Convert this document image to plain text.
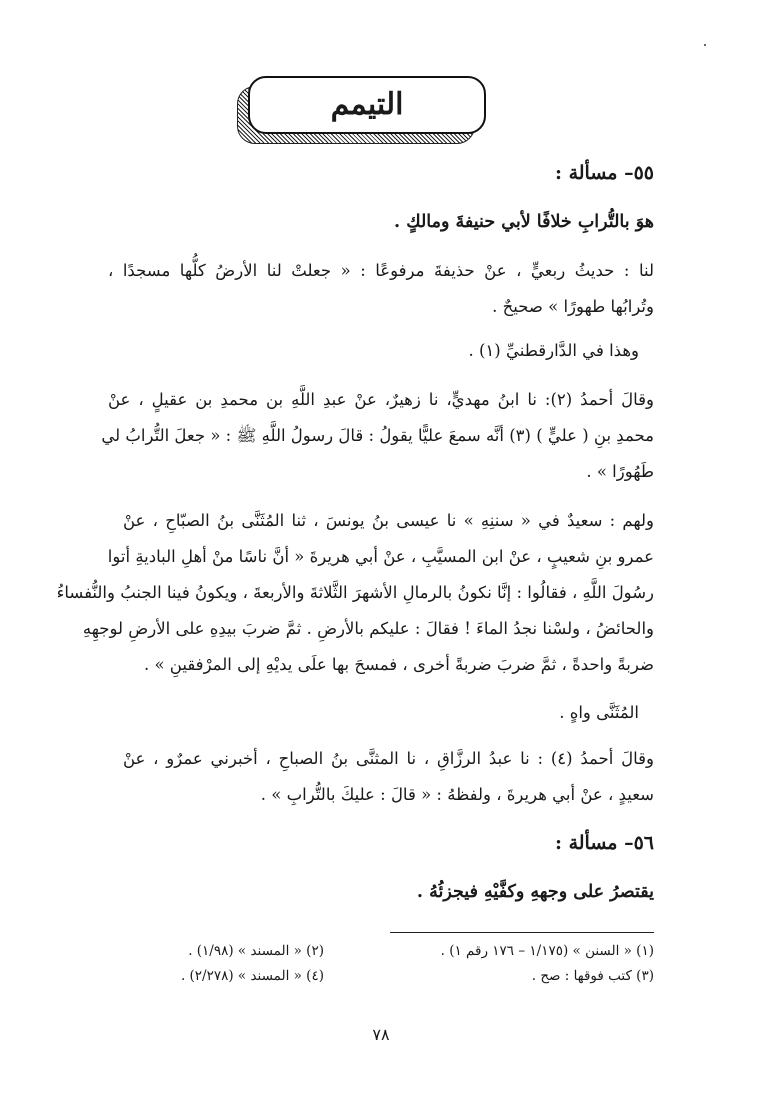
التيمم
٥٥– مسألة :
هوَ بالتُّرابِ خلافًا لأبي حنيفةَ ومالكٍ .
لنا : حديثُ ربعيٍّ ، عنْ حذيفةَ مرفوعًا : « جعلتْ لنا الأرضُ كلُّها مسجدًا ،
وتُرابُها طهورًا » صحيحٌ .
وهذا في الدَّارقطنيِّ (١) .
وقالَ أحمدُ (٢): نا ابنُ مهديٍّ، نا زهيرٌ، عنْ عبدِ اللَّهِ بن محمدِ بن عقيلٍ ، عنْ
محمدِ بنِ ( عليٍّ ) (٣) أنَّه سمعَ عليًّا يقولُ : قالَ رسولُ اللَّهِ ﷺ : « جعلَ التُّرابُ لي
طَهُورًا » .
ولهم : سعيدٌ في « سننِهِ » نا عيسى بنُ يونسَ ، ثنا المُثَنَّى بنُ الصبّاحِ ، عنْ
عمرو بنِ شعيبٍ ، عنْ ابن المسيَّبِ ، عنْ أبي هريرةَ « أنَّ ناسًا منْ أهلِ الباديةِ أتوا
رسُولَ اللَّهِ ، فقالُوا : إنَّا نكونُ بالرمالِ الأشهرَ الثَّلاثةَ والأربعةَ ، ويكونُ فينا الجنبُ والنُّفساءُ
والحائضُ ، ولسْنا نجدُ الماءَ ! فقالَ : عليكم بالأرضِ . ثمَّ ضربَ بيدِهِ على الأرضِ لوجهِهِ
ضربةً واحدةً ، ثمَّ ضربَ ضربةً أخرى ، فمسحَ بها علَى يديْهِ إلى المرْفقينِ » .
المُثَنَّى واهٍ .
وقالَ أحمدُ (٤) : نا عبدُ الرزَّاقِ ، نا المثنَّى بنُ الصباحِ ، أخبرني عمرٌو ، عنْ
سعيدٍ ، عنْ أبي هريرةَ ، ولفظهُ : « قالَ : عليكَ بالتُّرابِ » .
٥٦– مسألة :
يقتصرُ على وجههِ وكفَّيْهِ فيجزئُهُ .
(١) « السنن » (١/١٧٥ – ١٧٦ رقم ١) .
(٢) « المسند » (١/٩٨) .
(٣) كتب فوقها : صح .
(٤) « المسند » (٢/٢٧٨) .
٧٨
